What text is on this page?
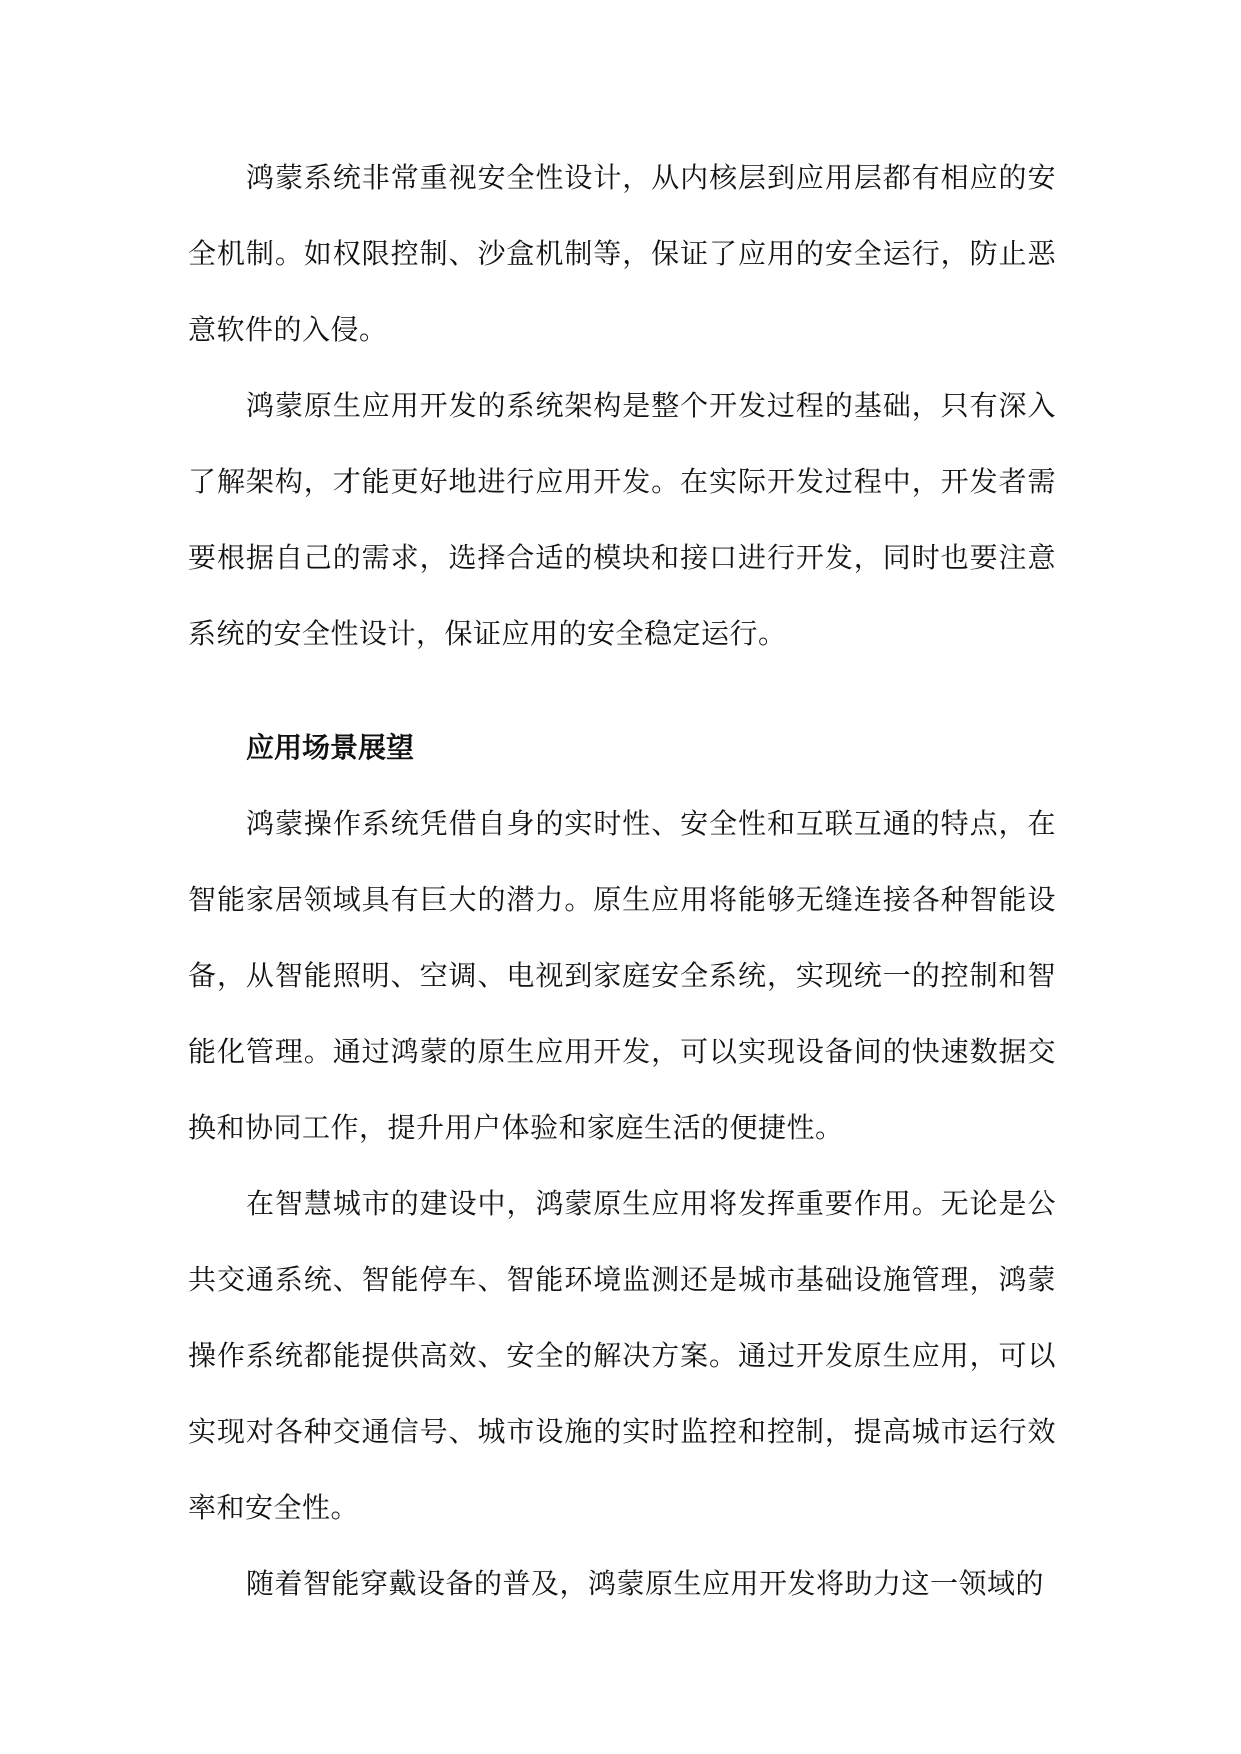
鸿蒙系统非常重视安全性设计，从内核层到应用层都有相应的安全机制。如权限控制、沙盒机制等，保证了应用的安全运行，防止恶意软件的入侵。

鸿蒙原生应用开发的系统架构是整个开发过程的基础，只有深入了解架构，才能更好地进行应用开发。在实际开发过程中，开发者需要根据自己的需求，选择合适的模块和接口进行开发，同时也要注意系统的安全性设计，保证应用的安全稳定运行。

应用场景展望

鸿蒙操作系统凭借自身的实时性、安全性和互联互通的特点，在智能家居领域具有巨大的潜力。原生应用将能够无缝连接各种智能设备，从智能照明、空调、电视到家庭安全系统，实现统一的控制和智能化管理。通过鸿蒙的原生应用开发，可以实现设备间的快速数据交换和协同工作，提升用户体验和家庭生活的便捷性。

在智慧城市的建设中，鸿蒙原生应用将发挥重要作用。无论是公共交通系统、智能停车、智能环境监测还是城市基础设施管理，鸿蒙操作系统都能提供高效、安全的解决方案。通过开发原生应用，可以实现对各种交通信号、城市设施的实时监控和控制，提高城市运行效率和安全性。

随着智能穿戴设备的普及，鸿蒙原生应用开发将助力这一领域的
